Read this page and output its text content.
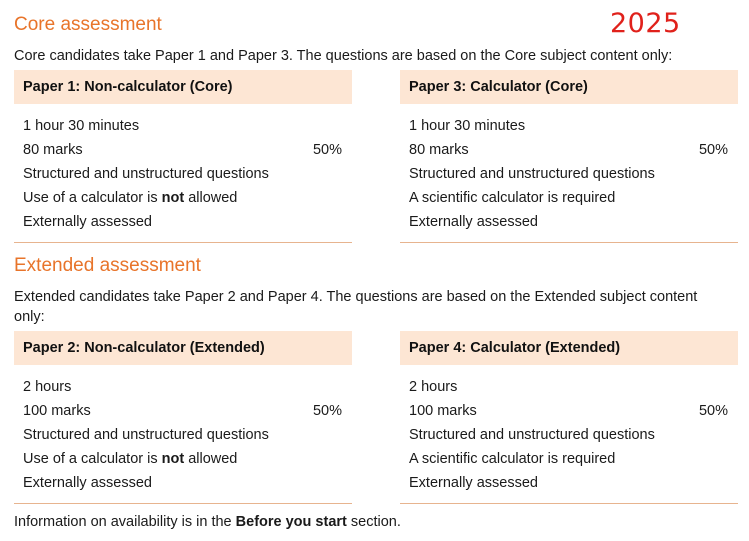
2025
Core assessment

Core candidates take Paper 1 and Paper 3. The questions are based on the Core subject content only:

Paper 1: Non-calculator (Core)
1 hour 30 minutes
80 marks	50%
Structured and unstructured questions
Use of a calculator is not allowed
Externally assessed
Paper 3: Calculator (Core)
1 hour 30 minutes
80 marks	50%
Structured and unstructured questions
A scientific calculator is required
Externally assessed
Extended assessment

Extended candidates take Paper 2 and Paper 4. The questions are based on the Extended subject content only:

Paper 2: Non-calculator (Extended)
2 hours
100 marks	50%
Structured and unstructured questions
Use of a calculator is not allowed
Externally assessed
Paper 4: Calculator (Extended)
2 hours
100 marks	50%
Structured and unstructured questions
A scientific calculator is required
Externally assessed

Information on availability is in the Before you start section.
